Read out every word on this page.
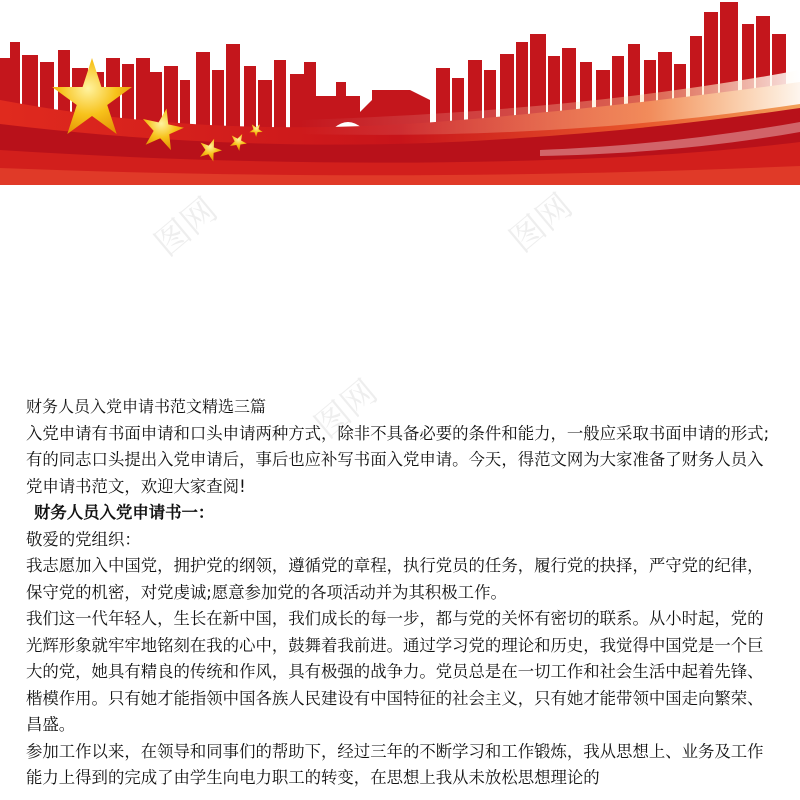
图网	图网
图网

财务人员入党申请书范文精选三篇

入党申请有书面申请和口头申请两种方式，除非不具备必要的条件和能力，一般应采取书面申请的形式;有的同志口头提出入党申请后，事后也应补写书面入党申请。今天，得范文网为大家准备了财务人员入党申请书范文，欢迎大家查阅!

财务人员入党申请书一：

敬爱的党组织：

我志愿加入中国党，拥护党的纲领，遵循党的章程，执行党员的任务，履行党的抉择，严守党的纪律，保守党的机密，对党虔诚;愿意参加党的各项活动并为其积极工作。

我们这一代年轻人，生长在新中国，我们成长的每一步，都与党的关怀有密切的联系。从小时起，党的光辉形象就牢牢地铭刻在我的心中，鼓舞着我前进。通过学习党的理论和历史，我觉得中国党是一个巨大的党，她具有精良的传统和作风，具有极强的战争力。党员总是在一切工作和社会生活中起着先锋、楷模作用。只有她才能指领中国各族人民建设有中国特征的社会主义，只有她才能带领中国走向繁荣、昌盛。

参加工作以来，在领导和同事们的帮助下，经过三年的不断学习和工作锻炼，我从思想上、业务及工作能力上得到的完成了由学生向电力职工的转变，在思想上我从未放松思想理论的
